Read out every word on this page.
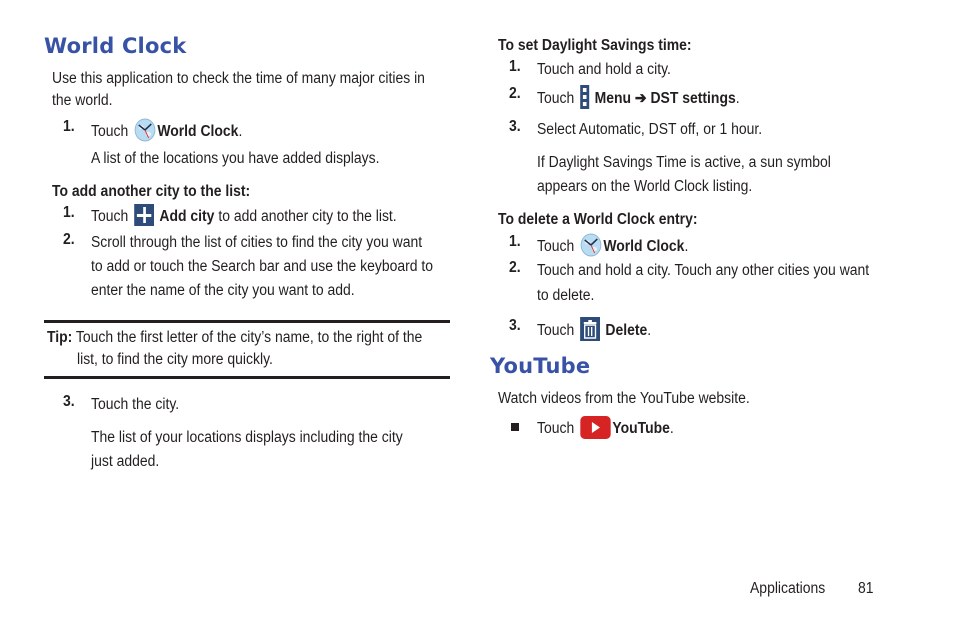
World Clock
Use this application to check the time of many major cities in
the world.
1. Touch World Clock.
A list of the locations you have added displays.
To add another city to the list:
1. Touch Add city to add another city to the list.
2. Scroll through the list of cities to find the city you want
to add or touch the Search bar and use the keyboard to
enter the name of the city you want to add.
Tip: Touch the first letter of the city’s name, to the right of the
list, to find the city more quickly.
3. Touch the city.
The list of your locations displays including the city
just added.
To set Daylight Savings time:
1. Touch and hold a city.
2. Touch Menu ➔ DST settings.
3. Select Automatic, DST off, or 1 hour.
If Daylight Savings Time is active, a sun symbol
appears on the World Clock listing.
To delete a World Clock entry:
1. Touch World Clock.
2. Touch and hold a city. Touch any other cities you want
to delete.
3. Touch Delete.
YouTube
Watch videos from the YouTube website.
Touch YouTube.
Applications 81
